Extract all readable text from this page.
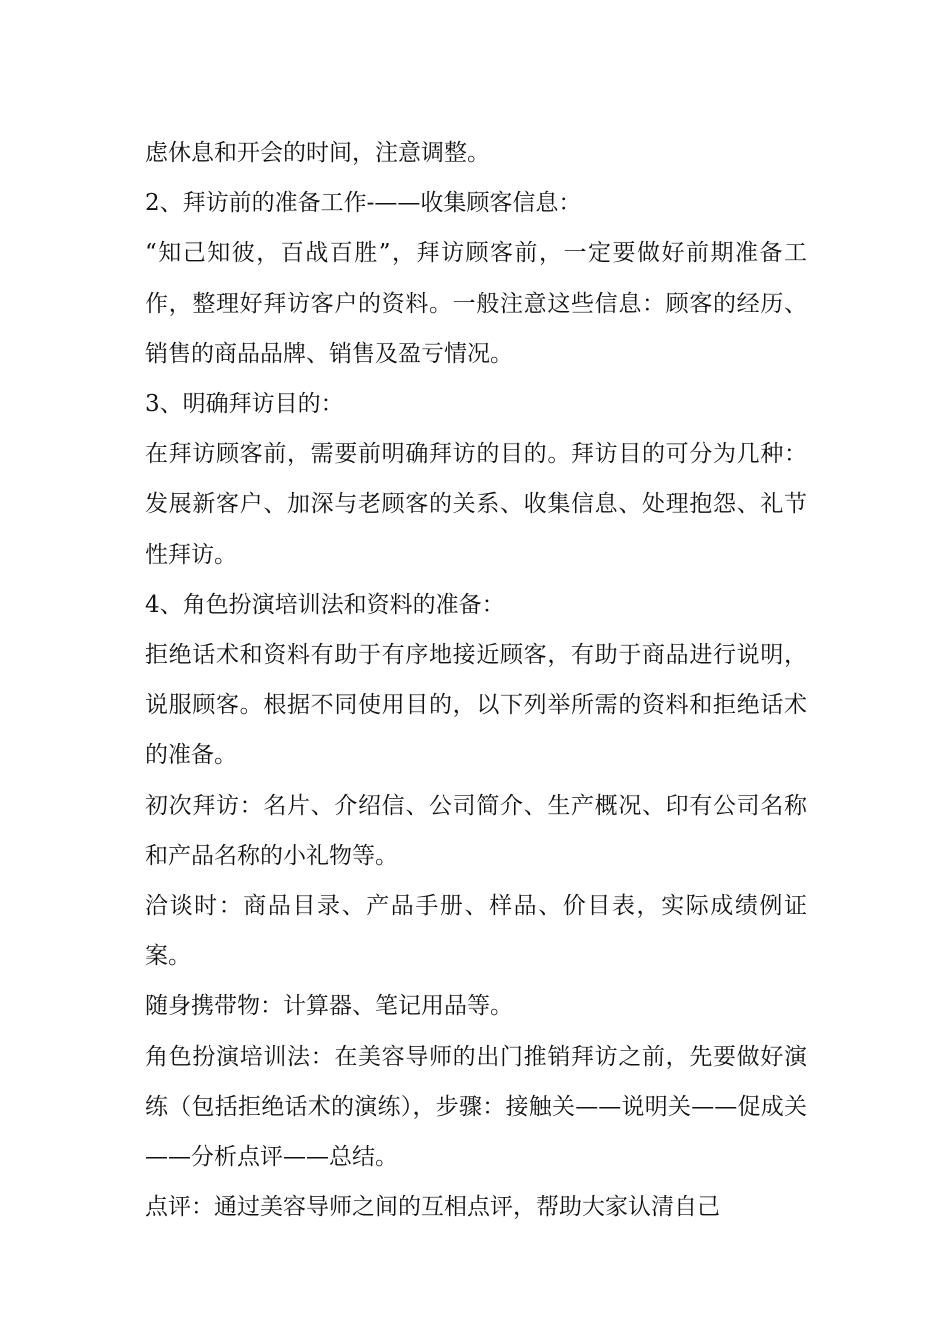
虑休息和开会的时间，注意调整。

2、拜访前的准备工作-——收集顾客信息：

“知己知彼，百战百胜”，拜访顾客前，一定要做好前期准备工作，整理好拜访客户的资料。一般注意这些信息：顾客的经历、销售的商品品牌、销售及盈亏情况。

3、明确拜访目的：

在拜访顾客前，需要前明确拜访的目的。拜访目的可分为几种：发展新客户、加深与老顾客的关系、收集信息、处理抱怨、礼节性拜访。

4、角色扮演培训法和资料的准备：

拒绝话术和资料有助于有序地接近顾客，有助于商品进行说明，说服顾客。根据不同使用目的，以下列举所需的资料和拒绝话术的准备。

初次拜访：名片、介绍信、公司简介、生产概况、印有公司名称和产品名称的小礼物等。

洽谈时：商品目录、产品手册、样品、价目表，实际成绩例证案。

随身携带物：计算器、笔记用品等。

角色扮演培训法：在美容导师的出门推销拜访之前，先要做好演练（包括拒绝话术的演练），步骤：接触关——说明关——促成关——分析点评——总结。

点评：通过美容导师之间的互相点评，帮助大家认清自己
